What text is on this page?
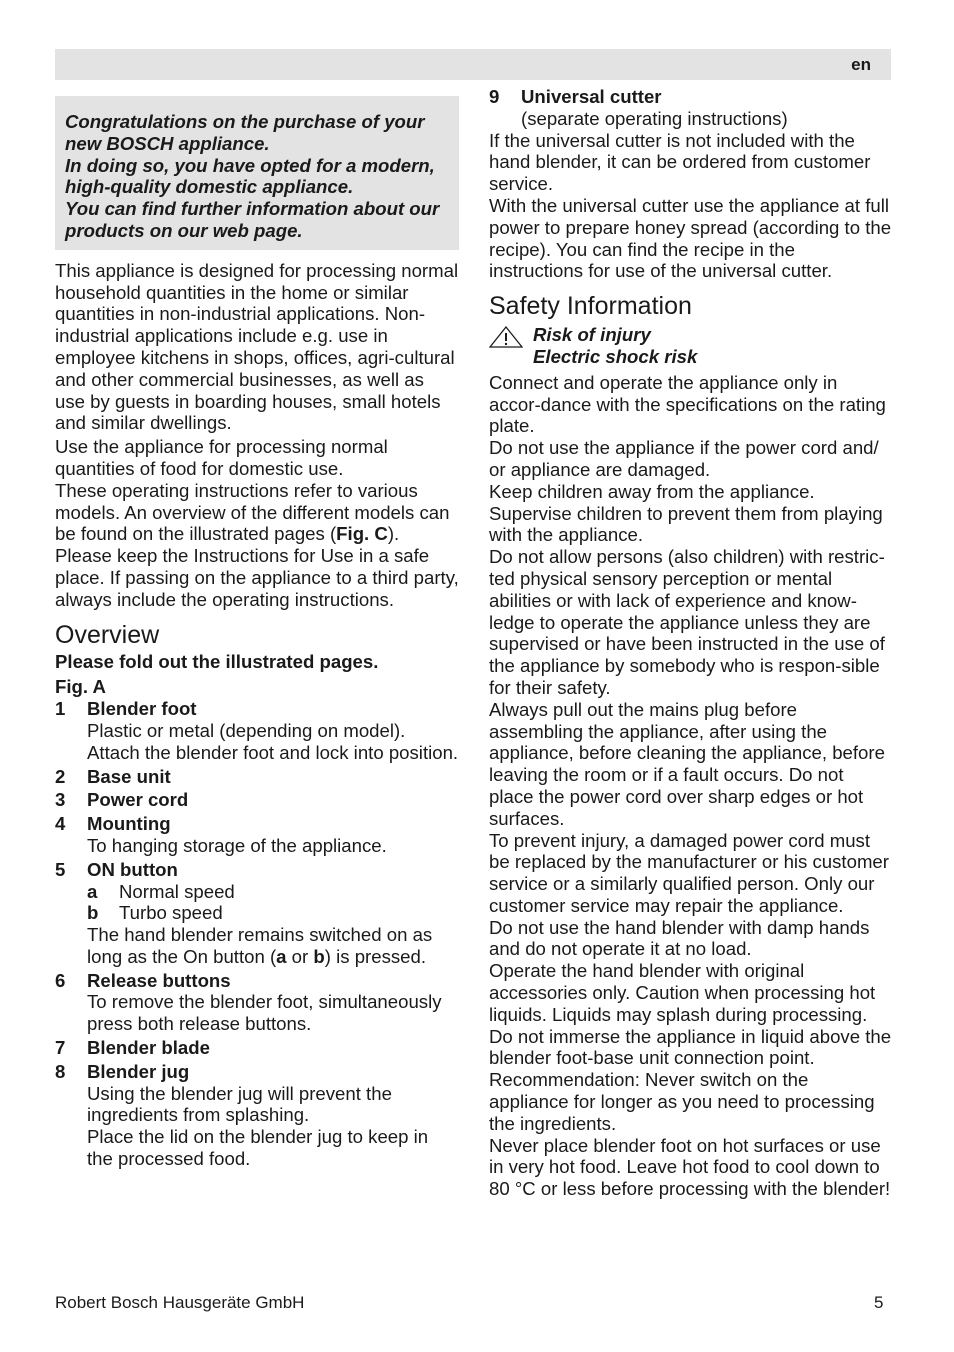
en

Congratulations on the purchase of your new BOSCH appliance.

In doing so, you have opted for a modern, high-quality domestic appliance.

You can find further information about our products on our web page.

This appliance is designed for processing normal household quantities in the home or similar quantities in non-industrial applications. Non-industrial applications include e.g. use in employee kitchens in shops, offices, agri-cultural and other commercial businesses, as well as use by guests in boarding houses, small hotels and similar dwellings.

Use the appliance for processing normal quantities of food for domestic use.

These operating instructions refer to various models. An overview of the different models can be found on the illustrated pages (Fig. C).

Please keep the Instructions for Use in a safe place. If passing on the appliance to a third party, always include the operating instructions.

Overview

Please fold out the illustrated pages.

Fig. A

1	Blender foot

Plastic or metal (depending on model). Attach the blender foot and lock into position.

2	Base unit
3	Power cord
4	Mounting

To hanging storage of the appliance.

5	ON button
a	Normal speed
b	Turbo speed

The hand blender remains switched on as long as the On button (a or b) is pressed.

6	Release buttons

To remove the blender foot, simultaneously press both release buttons.

7	Blender blade
8	Blender jug

Using the blender jug will prevent the ingredients from splashing.

Place the lid on the blender jug to keep in the processed food.

9	Universal cutter

(separate operating instructions)

If the universal cutter is not included with the hand blender, it can be ordered from customer service.

With the universal cutter use the appliance at full power to prepare honey spread (according to the recipe). You can find the recipe in the instructions for use of the universal cutter.

Safety Information

Risk of injury

Electric shock risk

Connect and operate the appliance only in accor-dance with the specifications on the rating plate.

Do not use the appliance if the power cord and/ or appliance are damaged.

Keep children away from the appliance. Supervise children to prevent them from playing with the appliance.

Do not allow persons (also children) with restric-ted physical sensory perception or mental abilities or with lack of experience and know-ledge to operate the appliance unless they are supervised or have been instructed in the use of the appliance by somebody who is respon-sible for their safety.

Always pull out the mains plug before assembling the appliance, after using the appliance, before cleaning the appliance, before leaving the room or if a fault occurs. Do not place the power cord over sharp edges or hot surfaces.

To prevent injury, a damaged power cord must be replaced by the manufacturer or his customer service or a similarly qualified person. Only our customer service may repair the appliance.

Do not use the hand blender with damp hands and do not operate it at no load.

Operate the hand blender with original accessories only. Caution when processing hot liquids. Liquids may splash during processing.

Do not immerse the appliance in liquid above the blender foot-base unit connection point.

Recommendation: Never switch on the appliance for longer as you need to processing the ingredients.

Never place blender foot on hot surfaces or use in very hot food. Leave hot food to cool down to 80 °C or less before processing with the blender!

Robert Bosch Hausgeräte GmbH	5
